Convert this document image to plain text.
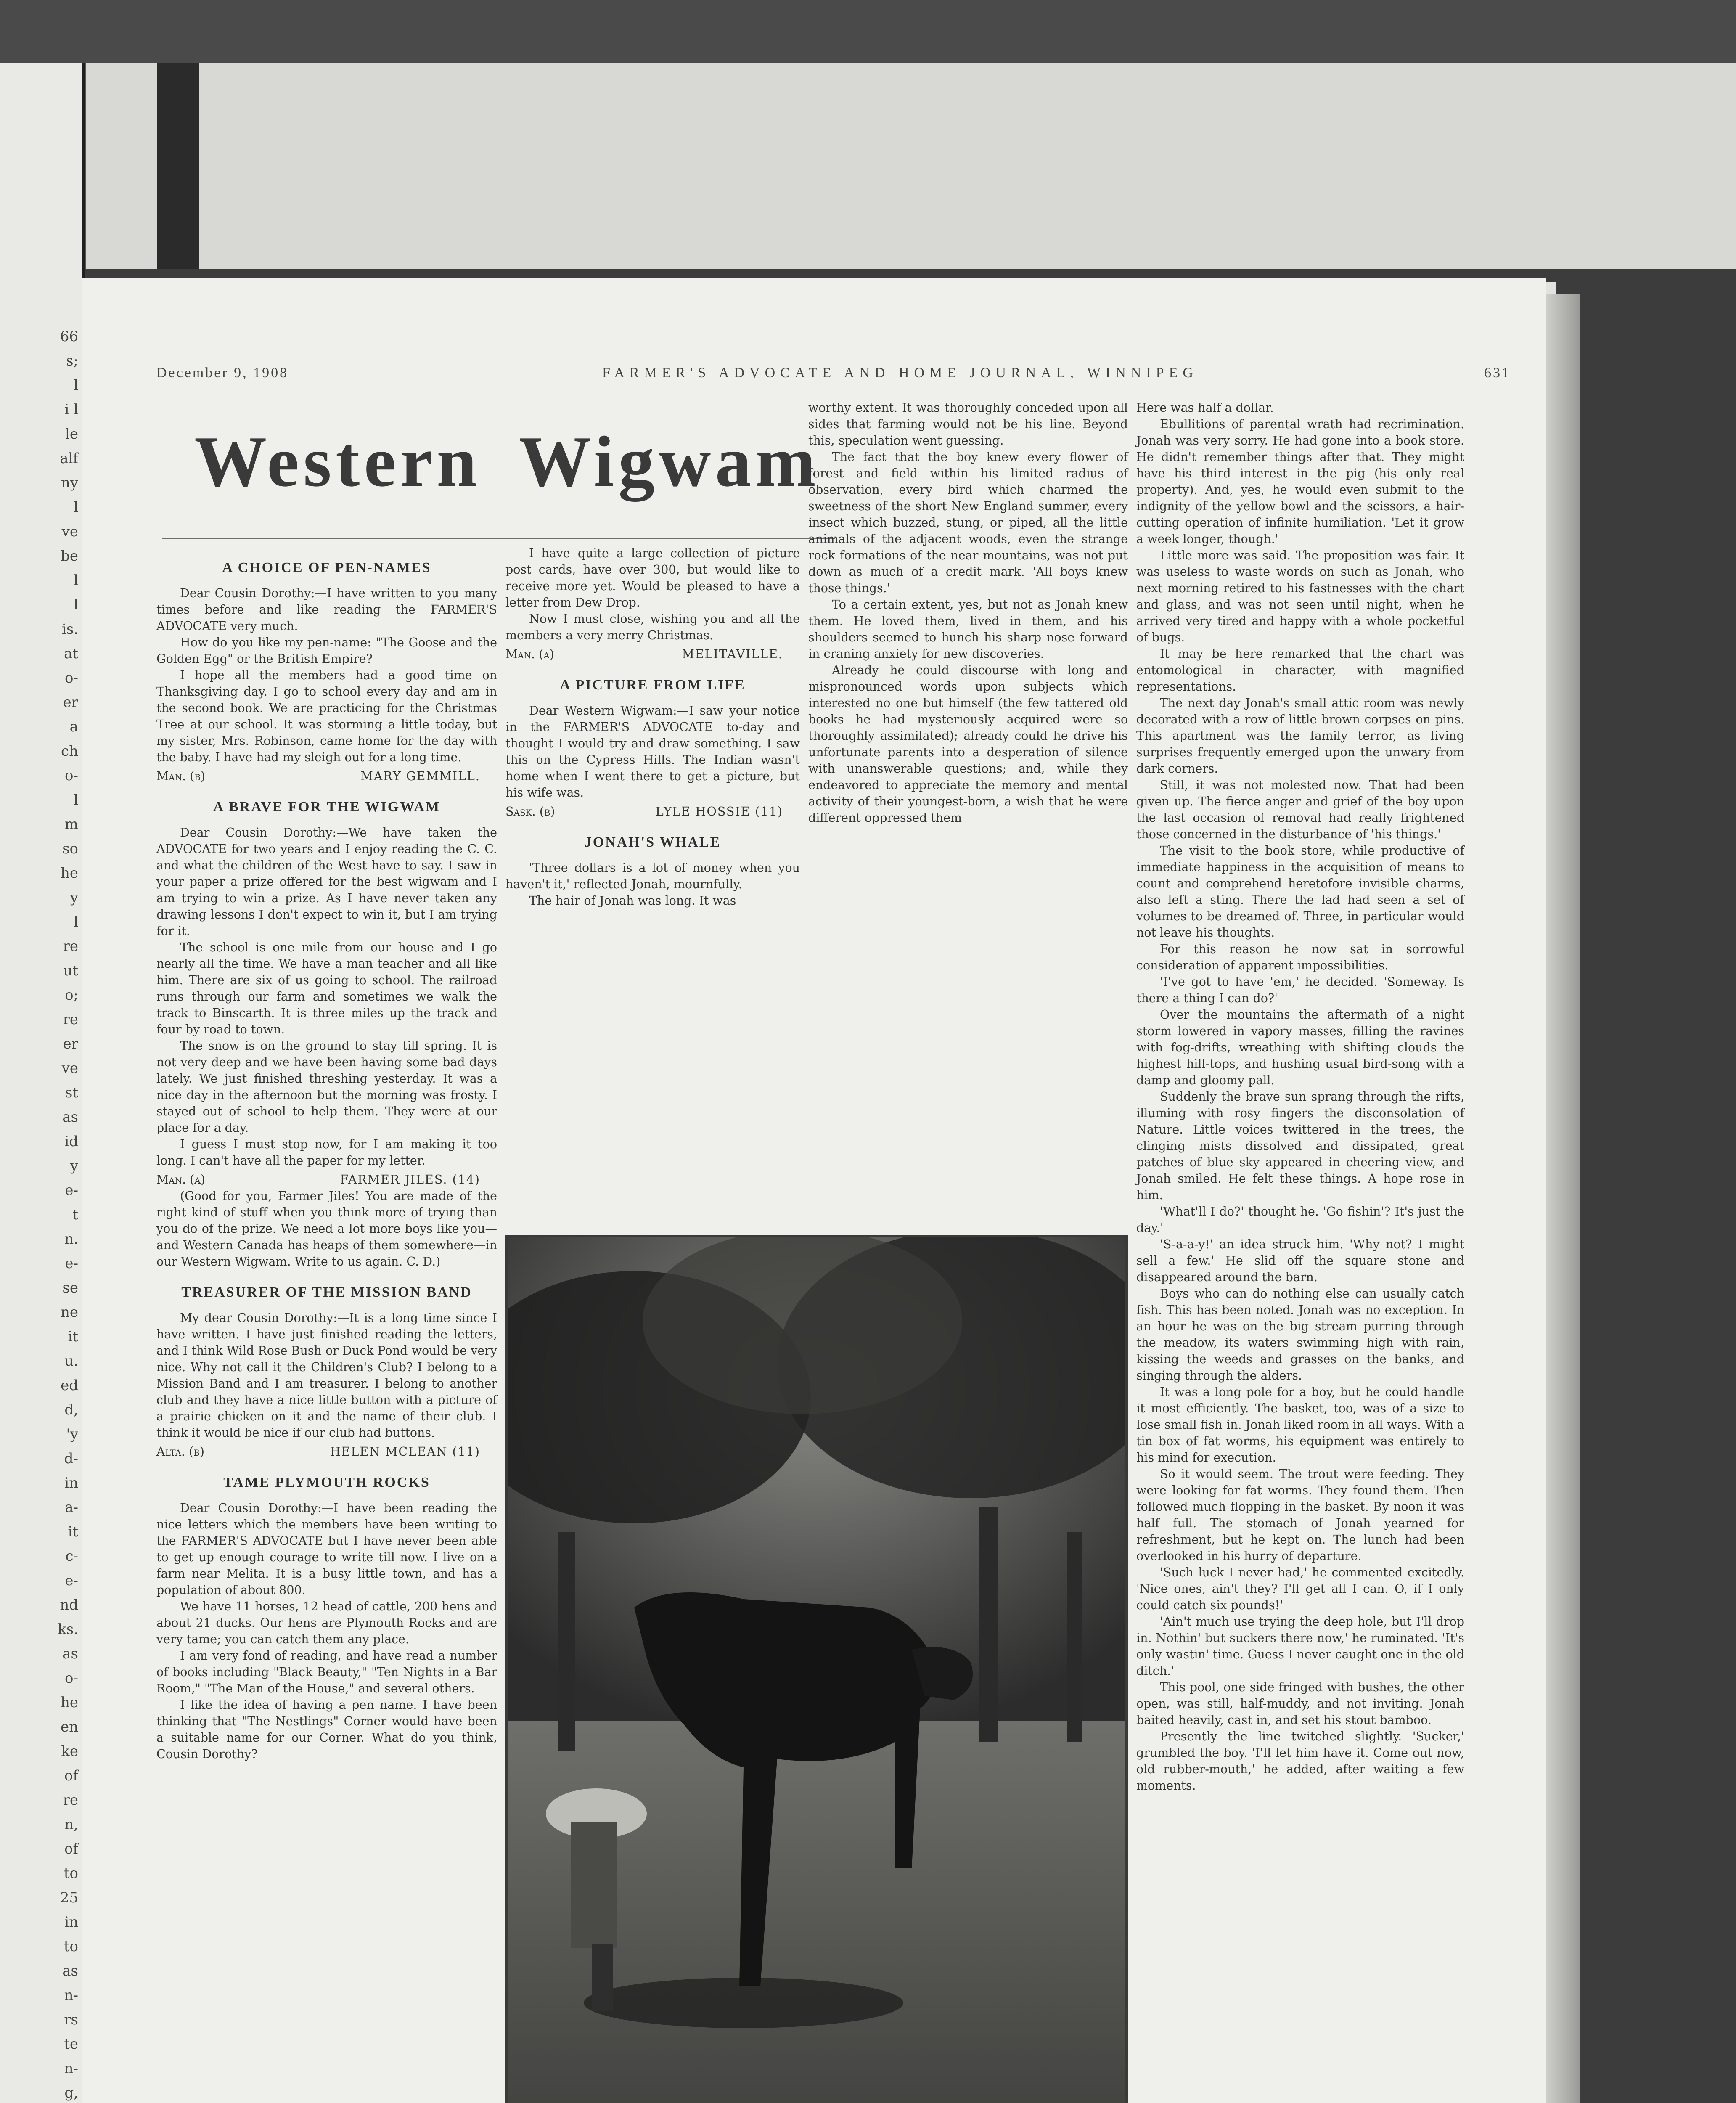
December 9, 1908	FARMER'S ADVOCATE AND HOME JOURNAL, WINNIPEG	631
Western Wigwam

A CHOICE OF PEN-NAMES

Dear Cousin Dorothy:—I have written to you many times before and like reading the FARMER'S ADVOCATE very much.

How do you like my pen-name: "The Goose and the Golden Egg" or the British Empire?

I hope all the members had a good time on Thanksgiving day. I go to school every day and am in the second book. We are practicing for the Christmas Tree at our school. It was storming a little today, but my sister, Mrs. Robinson, came home for the day with the baby. I have had my sleigh out for a long time.

MARY GEMMILL.
Man. (b)

A BRAVE FOR THE WIGWAM

Dear Cousin Dorothy:—We have taken the ADVOCATE for two years and I enjoy reading the C. C. and what the children of the West have to say. I saw in your paper a prize offered for the best wigwam and I am trying to win a prize. As I have never taken any drawing lessons I don't expect to win it, but I am trying for it.

The school is one mile from our house and I go nearly all the time. We have a man teacher and all like him. There are six of us going to school. The railroad runs through our farm and sometimes we walk the track to Binscarth. It is three miles up the track and four by road to town.

The snow is on the ground to stay till spring. It is not very deep and we have been having some bad days lately. We just finished threshing yesterday. It was a nice day in the afternoon but the morning was frosty. I stayed out of school to help them. They were at our place for a day.

I guess I must stop now, for I am making it too long. I can't have all the paper for my letter.

FARMER JILES. (14)
Man. (a)

(Good for you, Farmer Jiles! You are made of the right kind of stuff when you think more of trying than you do of the prize. We need a lot more boys like you—and Western Canada has heaps of them somewhere—in our Western Wigwam. Write to us again. C. D.)

TREASURER OF THE MISSION BAND

My dear Cousin Dorothy:—It is a long time since I have written. I have just finished reading the letters, and I think Wild Rose Bush or Duck Pond would be very nice. Why not call it the Children's Club? I belong to a Mission Band and I am treasurer. I belong to another club and they have a nice little button with a picture of a prairie chicken on it and the name of their club. I think it would be nice if our club had buttons.

HELEN MCLEAN (11)
Alta. (b)

TAME PLYMOUTH ROCKS

Dear Cousin Dorothy:—I have been reading the nice letters which the members have been writing to the FARMER'S ADVOCATE but I have never been able to get up enough courage to write till now. I live on a farm near Melita. It is a busy little town, and has a population of about 800.

We have 11 horses, 12 head of cattle, 200 hens and about 21 ducks. Our hens are Plymouth Rocks and are very tame; you can catch them any place.

I am very fond of reading, and have read a number of books including "Black Beauty," "Ten Nights in a Bar Room," "The Man of the House," and several others.

I like the idea of having a pen name. I have been thinking that "The Nestlings" Corner would have been a suitable name for our Corner. What do you think, Cousin Dorothy?

I have quite a large collection of picture post cards, have over 300, but would like to receive more yet. Would be pleased to have a letter from Dew Drop.

Now I must close, wishing you and all the members a very merry Christmas.

MELITAVILLE.
Man. (a)

A PICTURE FROM LIFE

Dear Western Wigwam:—I saw your notice in the FARMER'S ADVOCATE to-day and thought I would try and draw something. I saw this on the Cypress Hills. The Indian wasn't home when I went there to get a picture, but his wife was.

LYLE HOSSIE (11)
Sask. (b)

JONAH'S WHALE

'Three dollars is a lot of money when you haven't it,' reflected Jonah, mournfully.

The hair of Jonah was long. It was

worthy extent. It was thoroughly conceded upon all sides that farming would not be his line. Beyond this, speculation went guessing.

The fact that the boy knew every flower of forest and field within his limited radius of observation, every bird which charmed the sweetness of the short New England summer, every insect which buzzed, stung, or piped, all the little animals of the adjacent woods, even the strange rock formations of the near mountains, was not put down as much of a credit mark. 'All boys knew those things.'

To a certain extent, yes, but not as Jonah knew them. He loved them, lived in them, and his shoulders seemed to hunch his sharp nose forward in craning anxiety for new discoveries.

Already he could discourse with long and mispronounced words upon subjects which interested no one but himself (the few tattered old books he had mysteriously acquired were so thoroughly assimilated); already could he drive his unfortunate parents into a desperation of silence with unanswerable questions; and, while they endeavored to appreciate the memory and mental activity of their youngest-born, a wish that he were different oppressed them

Here was half a dollar.

Ebullitions of parental wrath had recrimination. Jonah was very sorry. He had gone into a book store. He didn't remember things after that. They might have his third interest in the pig (his only real property). And, yes, he would even submit to the indignity of the yellow bowl and the scissors, a hair-cutting operation of infinite humiliation. 'Let it grow a week longer, though.'

Little more was said. The proposition was fair. It was useless to waste words on such as Jonah, who next morning retired to his fastnesses with the chart and glass, and was not seen until night, when he arrived very tired and happy with a whole pocketful of bugs.

It may be here remarked that the chart was entomological in character, with magnified representations.

The next day Jonah's small attic room was newly decorated with a row of little brown corpses on pins. This apartment was the family terror, as living surprises frequently emerged upon the unwary from dark corners.

Still, it was not molested now. That had been given up. The fierce anger and grief of the boy upon the last occasion of removal had really frightened those concerned in the disturbance of 'his things.'

The visit to the book store, while productive of immediate happiness in the acquisition of means to count and comprehend heretofore invisible charms, also left a sting. There the lad had seen a set of volumes to be dreamed of. Three, in particular would not leave his thoughts.

For this reason he now sat in sorrowful consideration of apparent impossibilities.

'I've got to have 'em,' he decided. 'Someway. Is there a thing I can do?'

Over the mountains the aftermath of a night storm lowered in vapory masses, filling the ravines with fog-drifts, wreathing with shifting clouds the highest hill-tops, and hushing usual bird-song with a damp and gloomy pall.

Suddenly the brave sun sprang through the rifts, illuming with rosy fingers the disconsolation of Nature. Little voices twittered in the trees, the clinging mists dissolved and dissipated, great patches of blue sky appeared in cheering view, and Jonah smiled. He felt these things. A hope rose in him.

'What'll I do?' thought he. 'Go fishin'? It's just the day.'

'S-a-a-y!' an idea struck him. 'Why not? I might sell a few.' He slid off the square stone and disappeared around the barn.

Boys who can do nothing else can usually catch fish. This has been noted. Jonah was no exception. In an hour he was on the big stream purring through the meadow, its waters swimming high with rain, kissing the weeds and grasses on the banks, and singing through the alders.

It was a long pole for a boy, but he could handle it most efficiently. The basket, too, was of a size to lose small fish in. Jonah liked room in all ways. With a tin box of fat worms, his equipment was entirely to his mind for execution.

So it would seem. The trout were feeding. They were looking for fat worms. They found them. Then followed much flopping in the basket. By noon it was half full. The stomach of Jonah yearned for refreshment, but he kept on. The lunch had been overlooked in his hurry of departure.

'Such luck I never had,' he commented excitedly. 'Nice ones, ain't they? I'll get all I can. O, if I only could catch six pounds!'

'Ain't much use trying the deep hole, but I'll drop in. Nothin' but suckers there now,' he ruminated. 'It's only wastin' time. Guess I never caught one in the old ditch.'

This pool, one side fringed with bushes, the other open, was still, half-muddy, and not inviting. Jonah baited heavily, cast in, and set his stout bamboo.

Presently the line twitched slightly. 'Sucker,' grumbled the boy. 'I'll let him have it. Come out now, old rubber-mouth,' he added, after waiting a few moments.

66
s;
l
i l
le
alf
ny
l
ve
be
l
l
is.
at
o-
er
a
ch
o-
l
m
so
he
y
l
re
ut
o;
re
er
ve
st
as
id
y
e-
t
n.
e-
se
ne
it
u.
ed
d,
'y
d-
in
a-
it
c-
e-
nd
ks.
as
o-
he
en
ke
of
re
n,
of
to
25
in
to
as
n-
rs
te
n-
g,
